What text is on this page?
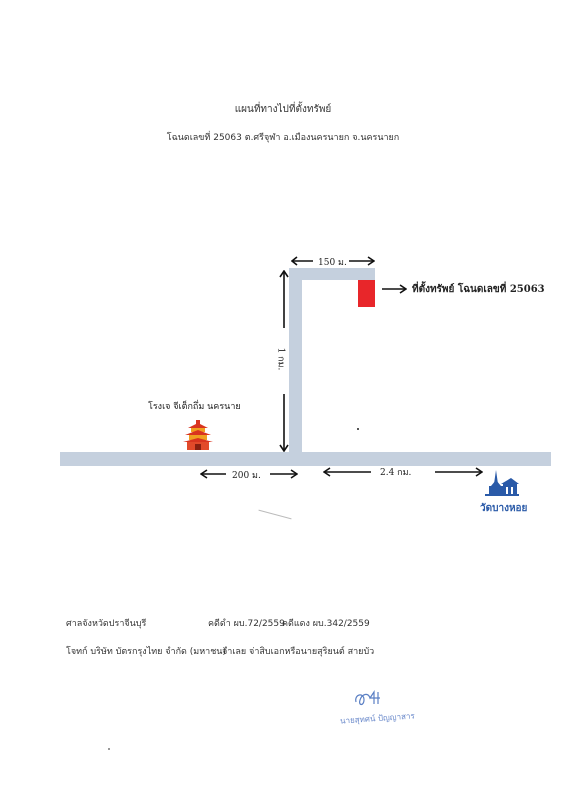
แผนที่ทางไปที่ตั้งทรัพย์
โฉนดเลขที่ 25063 ต.ศรีจุฬา อ.เมืองนครนายก จ.นครนายก
150 ม.
1 กม.
ที่ตั้งทรัพย์ โฉนดเลขที่ 25063
โรงเจ จีเต็กถึ่ม นครนาย
200 ม.	2.4 กม.
วัดบางหอย
ศาลจังหวัดปราจีนบุรี	คดีดำ ผบ.72/2559
คดีแดง ผบ.342/2559
โจทก์ บริษัท บัตรกรุงไทย จำกัด (มหาชน)
จำเลย จ่าสิบเอกหรือนายสุริยนต์ สายบัว
นายสุทศน์ ปัญญาสาร
